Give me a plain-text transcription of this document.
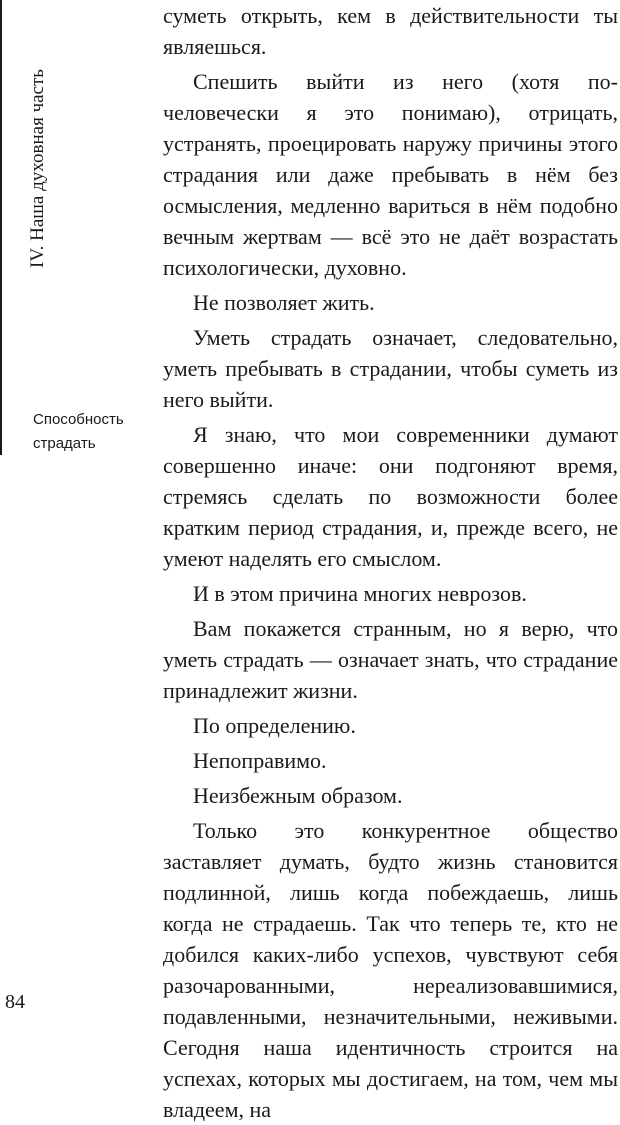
IV. Наша духовная часть
Способность
страдать

суметь открыть, кем в действительности ты являешься.

Спешить выйти из него (хотя по-человечески я это понимаю), отрицать, устранять, проецировать наружу причины этого страдания или даже пребывать в нём без осмысления, медленно вариться в нём подобно вечным жертвам — всё это не даёт возрастать психологически, духовно.

Не позволяет жить.

Уметь страдать означает, следовательно, уметь пребывать в страдании, чтобы суметь из него выйти.

Я знаю, что мои современники думают совершенно иначе: они подгоняют время, стремясь сделать по возможности более кратким период страдания, и, прежде всего, не умеют наделять его смыслом.

И в этом причина многих неврозов.

Вам покажется странным, но я верю, что уметь страдать — означает знать, что страдание принадлежит жизни.

По определению.

Непоправимо.

Неизбежным образом.

Только это конкурентное общество заставляет думать, будто жизнь становится подлинной, лишь когда побеждаешь, лишь когда не страдаешь. Так что теперь те, кто не добился каких-либо успехов, чувствуют себя разочарованными, нереализовавшимися, подавленными, незначительными, неживыми. Сегодня наша идентичность строится на успехах, которых мы достигаем, на том, чем мы владеем, на

84
